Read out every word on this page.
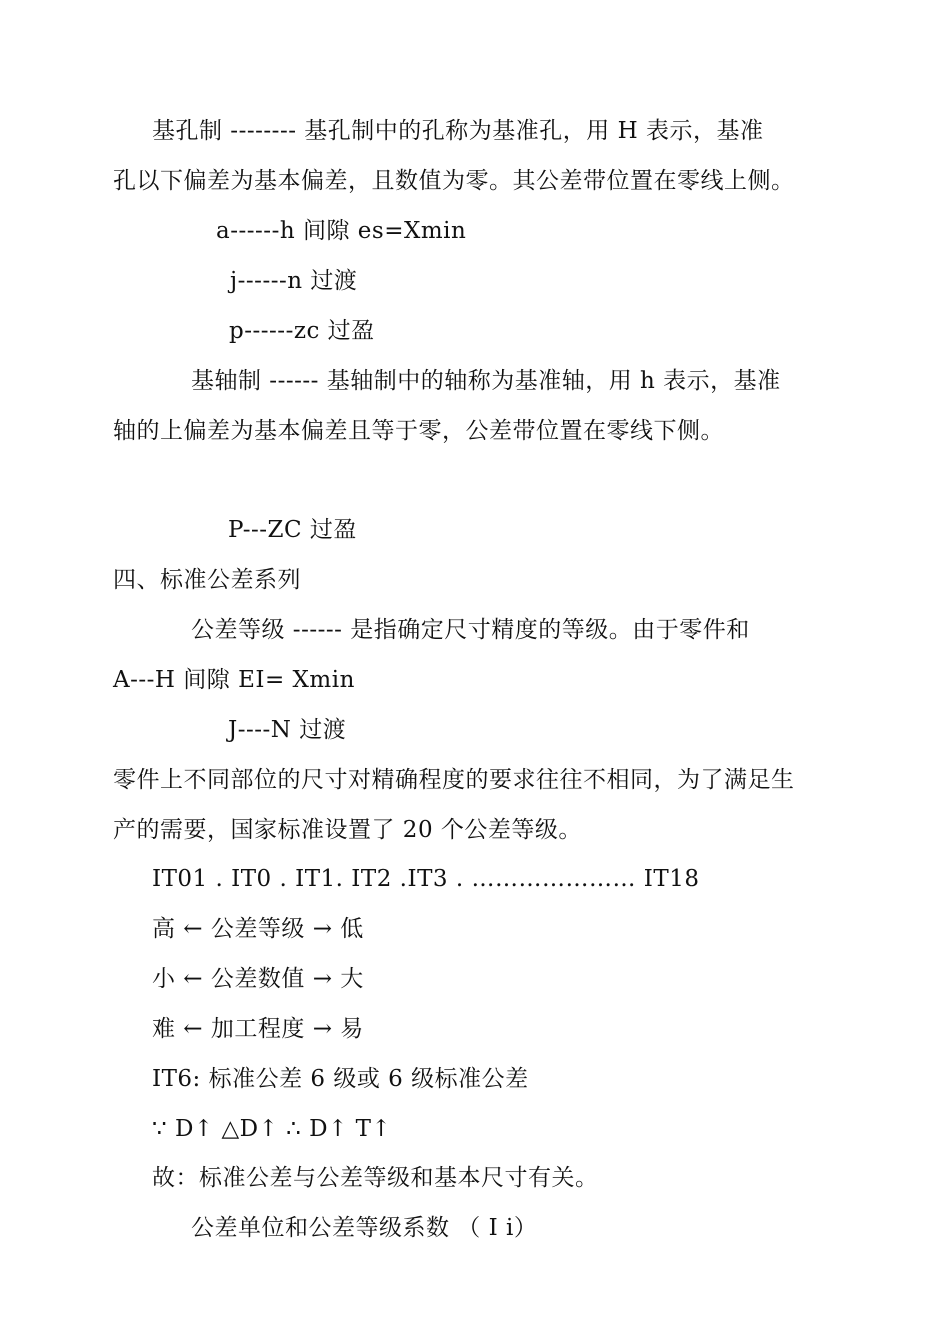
基孔制 -------- 基孔制中的孔称为基准孔，用 H 表示，基准
孔以下偏差为基本偏差，且数值为零。其公差带位置在零线上侧。
a------h 间隙 es=Xmin
j------n 过渡
p------zc 过盈
基轴制 ------ 基轴制中的轴称为基准轴，用 h 表示，基准
轴的上偏差为基本偏差且等于零，公差带位置在零线下侧。
P---ZC 过盈
四、标准公差系列
公差等级 ------ 是指确定尺寸精度的等级。由于零件和
A---H 间隙 EI= Xmin
J----N 过渡
零件上不同部位的尺寸对精确程度的要求往往不相同，为了满足生
产的需要，国家标准设置了 20 个公差等级。
IT01 . IT0 . IT1. IT2 .IT3 . ………………… IT18
高 ← 公差等级 → 低
小 ← 公差数值 → 大
难 ← 加工程度 → 易
IT6: 标准公差 6 级或 6 级标准公差
∵ D↑ △D↑ ∴ D↑ T↑
故：标准公差与公差等级和基本尺寸有关。
公差单位和公差等级系数 （ I i）
